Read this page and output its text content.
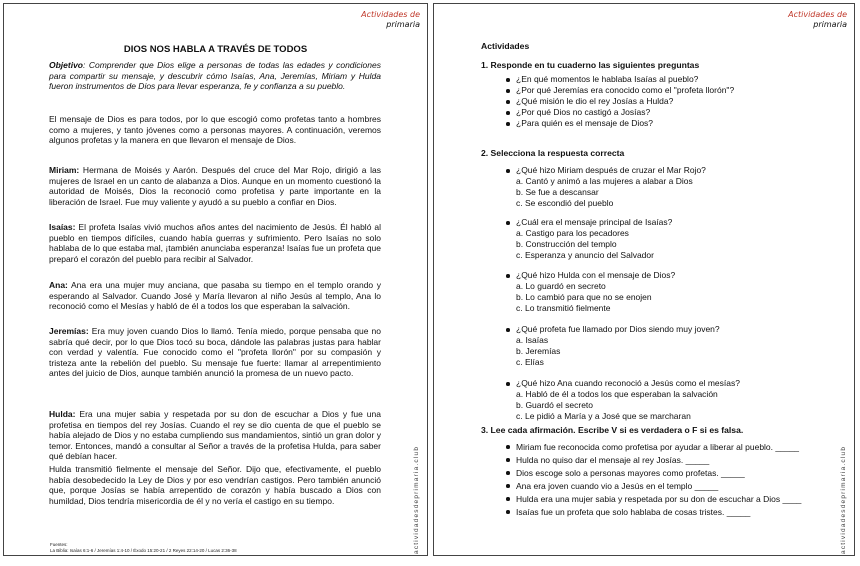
Actividades de
primaria
actividadesdeprimaria.club
DIOS NOS HABLA A TRAVÉS DE TODOS
Objetivo: Comprender que Dios elige a personas de todas las edades y condiciones para compartir su mensaje, y descubrir cómo Isaías, Ana, Jeremías, Miriam y Hulda fueron instrumentos de Dios para llevar esperanza, fe y confianza a su pueblo.
El mensaje de Dios es para todos, por lo que escogió como profetas tanto a hombres como a mujeres, y tanto jóvenes como a personas mayores. A continuación, veremos algunos profetas y la manera en que llevaron el mensaje de Dios.
Miriam: Hermana de Moisés y Aarón. Después del cruce del Mar Rojo, dirigió a las mujeres de Israel en un canto de alabanza a Dios. Aunque en un momento cuestionó la autoridad de Moisés, Dios la reconoció como profetisa y parte importante en la liberación de Israel. Fue muy valiente y ayudó a su pueblo a confiar en Dios.
Isaías: El profeta Isaías vivió muchos años antes del nacimiento de Jesús. Él habló al pueblo en tiempos difíciles, cuando había guerras y sufrimiento. Pero Isaías no solo hablaba de lo que estaba mal, ¡también anunciaba esperanza! Isaías fue un profeta que preparó el corazón del pueblo para recibir al Salvador.
Ana: Ana era una mujer muy anciana, que pasaba su tiempo en el templo orando y esperando al Salvador. Cuando José y María llevaron al niño Jesús al templo, Ana lo reconoció como el Mesías y habló de él a todos los que esperaban la salvación.
Jeremías: Era muy joven cuando Dios lo llamó. Tenía miedo, porque pensaba que no sabría qué decir, por lo que Dios tocó su boca, dándole las palabras justas para hablar con verdad y valentía. Fue conocido como el "profeta llorón" por su compasión y tristeza ante la rebelión del pueblo. Su mensaje fue fuerte: llamar al arrepentimiento antes del juicio de Dios, aunque también anunció la promesa de un nuevo pacto.
Hulda: Era una mujer sabia y respetada por su don de escuchar a Dios y fue una profetisa en tiempos del rey Josías. Cuando el rey se dio cuenta de que el pueblo se había alejado de Dios y no estaba cumpliendo sus mandamientos, sintió un gran dolor y temor. Entonces, mandó a consultar al Señor a través de la profetisa Hulda, para saber qué debían hacer.
Hulda transmitió fielmente el mensaje del Señor. Dijo que, efectivamente, el pueblo había desobedecido la Ley de Dios y por eso vendrían castigos. Pero también anunció que, porque Josías se había arrepentido de corazón y había buscado a Dios con humildad, Dios tendría misericordia de él y no vería el castigo en su tiempo.
Fuentes:
La Biblia: Isaías 6:1-6 / Jeremías 1:4-10 / Éxodo 15:20-21 / 2 Reyes 22:14-20 / Lucas 2:36-38
Actividades de
primaria
actividadesdeprimaria.club
Actividades
1. Responde en tu cuaderno las siguientes preguntas
¿En qué momentos le hablaba Isaías al pueblo?
¿Por qué Jeremías era conocido como el "profeta llorón"?
¿Qué misión le dio el rey Josías a Hulda?
¿Por qué Dios no castigó a Josías?
¿Para quién es el mensaje de Dios?
2. Selecciona la respuesta correcta
¿Qué hizo Miriam después de cruzar el Mar Rojo?
a. Cantó y animó a las mujeres a alabar a Dios
b. Se fue a descansar
c. Se escondió del pueblo
¿Cuál era el mensaje principal de Isaías?
a. Castigo para los pecadores
b. Construcción del templo
c. Esperanza y anuncio del Salvador
¿Qué hizo Hulda con el mensaje de Dios?
a. Lo guardó en secreto
b. Lo cambió para que no se enojen
c. Lo transmitió fielmente
¿Qué profeta fue llamado por Dios siendo muy joven?
a. Isaías
b. Jeremías
c. Elías
¿Qué hizo Ana cuando reconoció a Jesús como el mesías?
a. Habló de él a todos los que esperaban la salvación
b. Guardó el secreto
c. Le pidió a María y a José que se marcharan
3. Lee cada afirmación. Escribe V si es verdadera o F si es falsa.
Miriam fue reconocida como profetisa por ayudar a liberar al pueblo. _____
Hulda no quiso dar el mensaje al rey Josías. _____
Dios escoge solo a personas mayores como profetas. _____
Ana era joven cuando vio a Jesús en el templo _____
Hulda era una mujer sabia y respetada por su don de escuchar a Dios ____
Isaías fue un profeta que solo hablaba de cosas tristes. _____
